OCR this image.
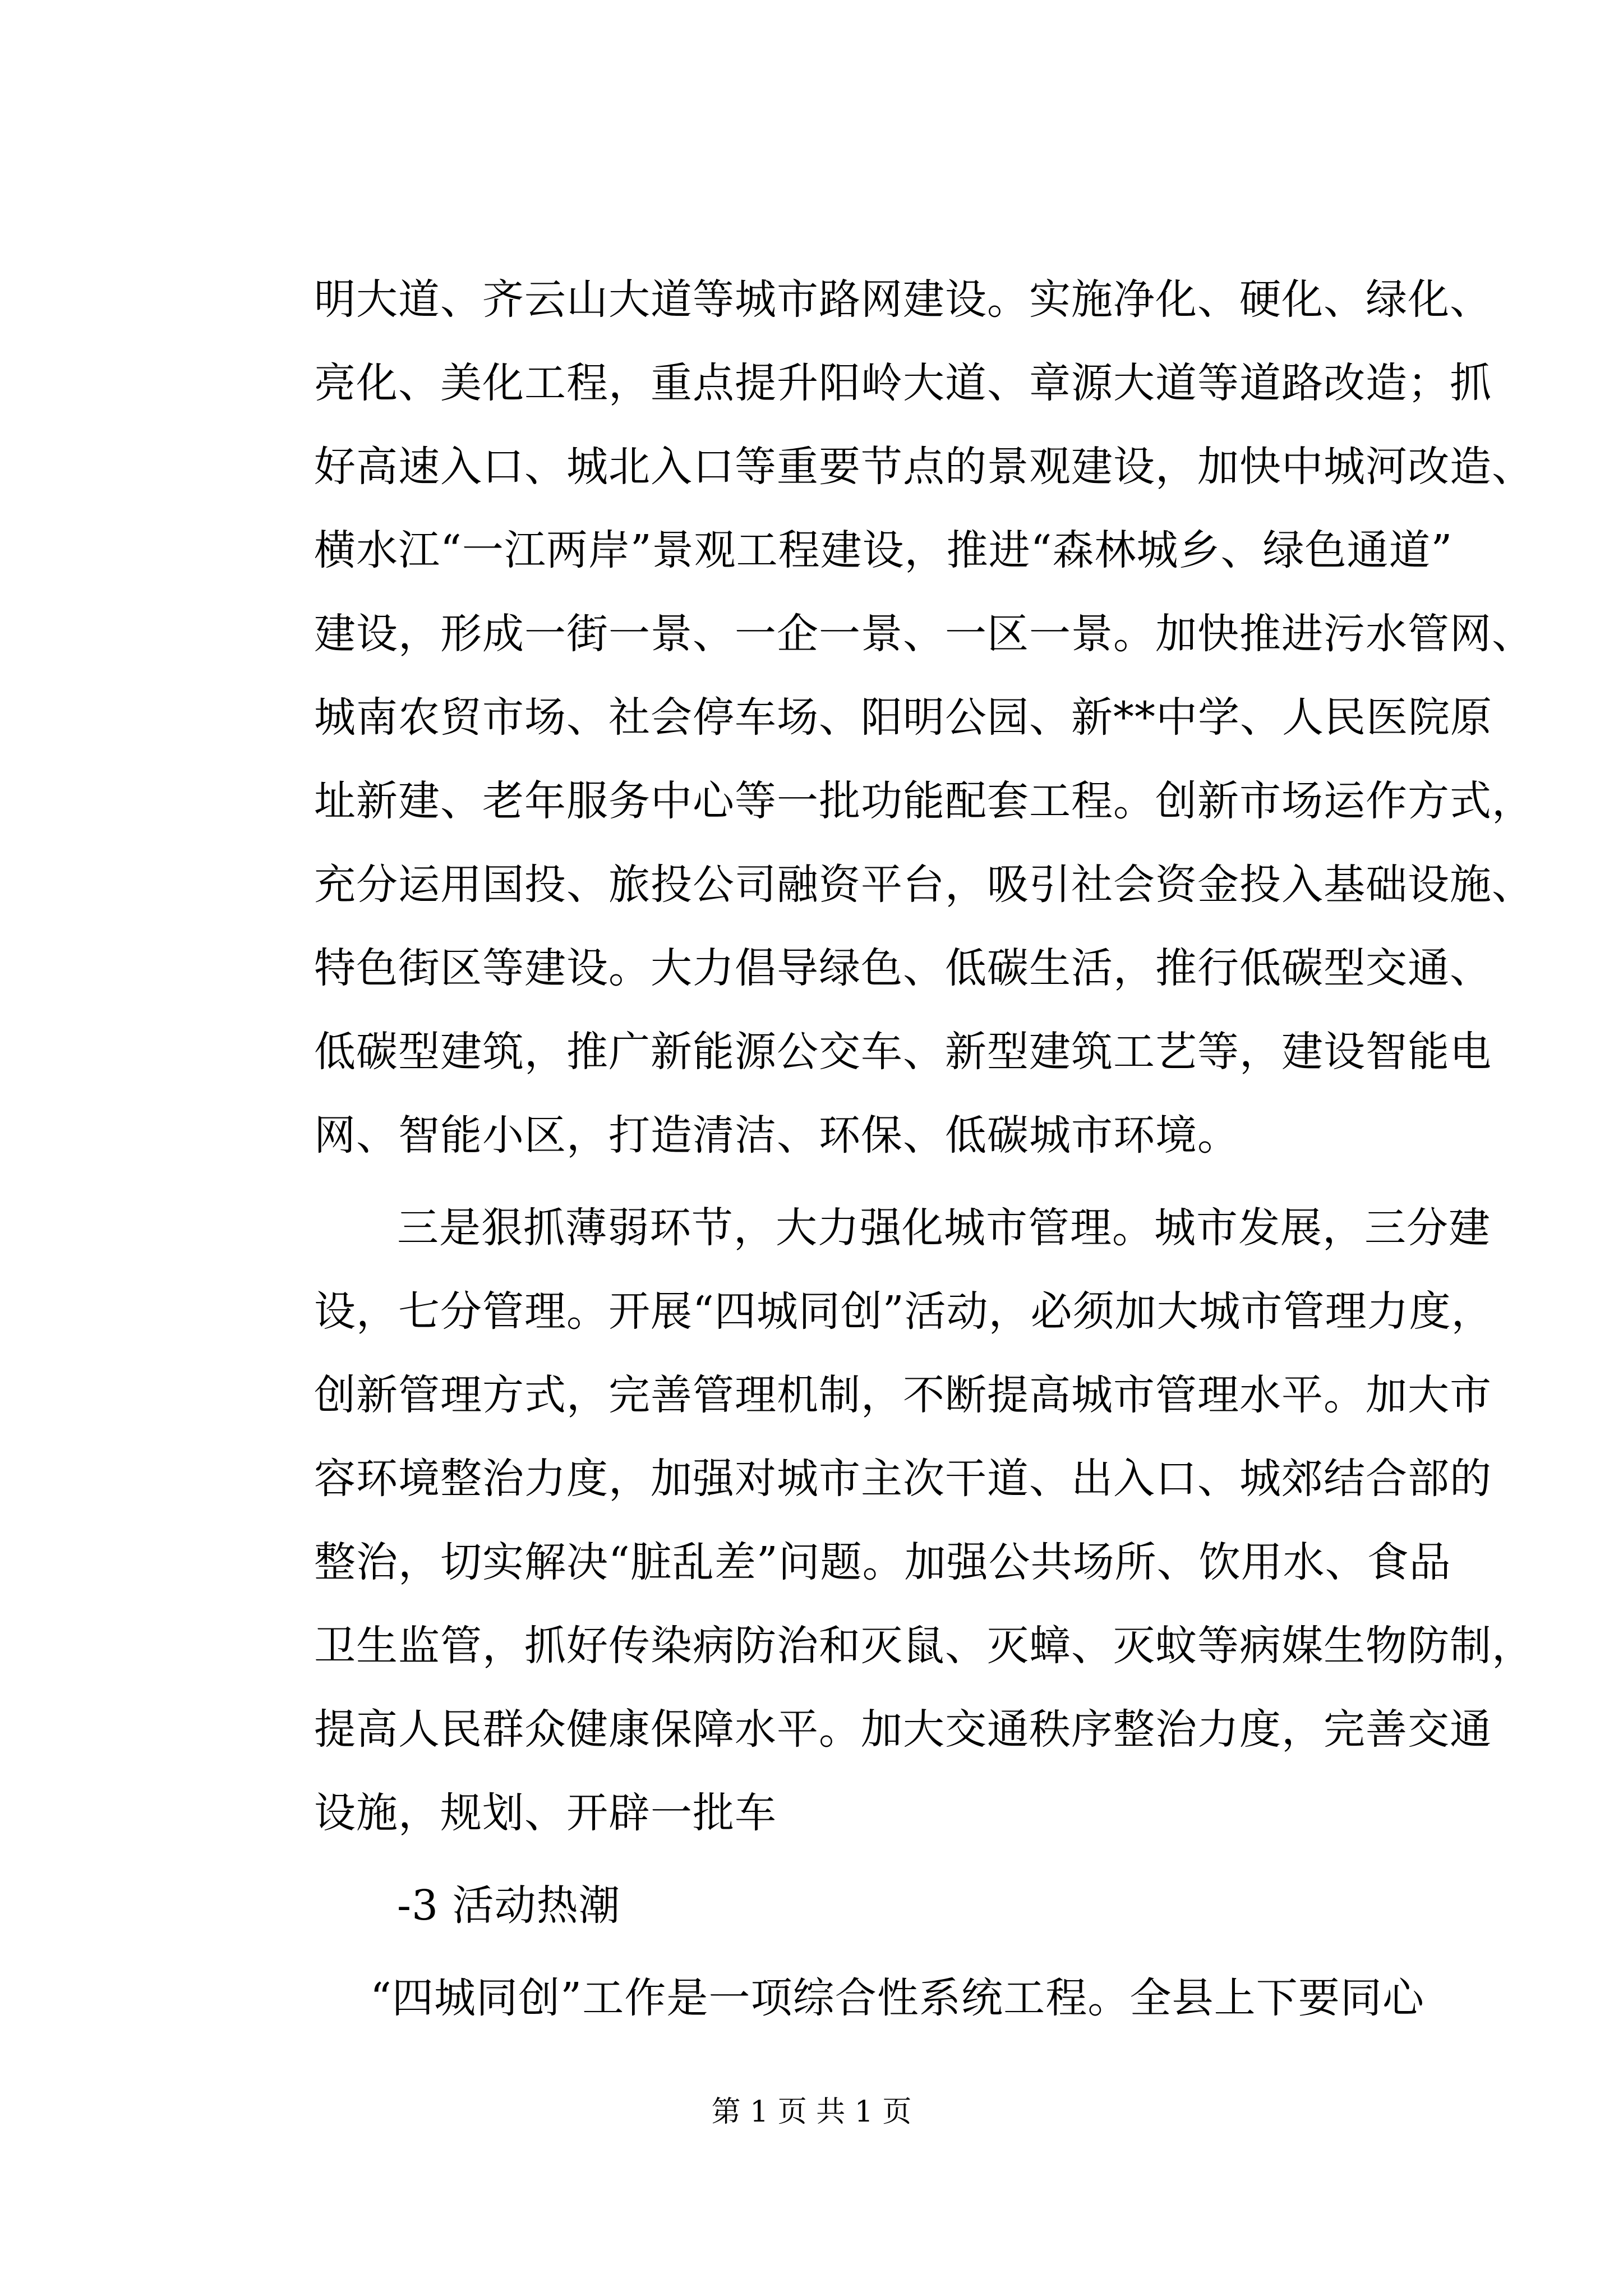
明大道、齐云山大道等城市路网建设。实施净化、硬化、绿化、
亮化、美化工程，重点提升阳岭大道、章源大道等道路改造；抓
好高速入口、城北入口等重要节点的景观建设，加快中城河改造、
横水江“一江两岸”景观工程建设，推进“森林城乡、绿色通道”
建设，形成一街一景、一企一景、一区一景。加快推进污水管网、
城南农贸市场、社会停车场、阳明公园、新**中学、人民医院原
址新建、老年服务中心等一批功能配套工程。创新市场运作方式，
充分运用国投、旅投公司融资平台，吸引社会资金投入基础设施、
特色街区等建设。大力倡导绿色、低碳生活，推行低碳型交通、
低碳型建筑，推广新能源公交车、新型建筑工艺等，建设智能电
网、智能小区，打造清洁、环保、低碳城市环境。
三是狠抓薄弱环节，大力强化城市管理。城市发展，三分建
设，七分管理。开展“四城同创”活动，必须加大城市管理力度，
创新管理方式，完善管理机制，不断提高城市管理水平。加大市
容环境整治力度，加强对城市主次干道、出入口、城郊结合部的
整治，切实解决“脏乱差”问题。加强公共场所、饮用水、食品
卫生监管，抓好传染病防治和灭鼠、灭蟑、灭蚊等病媒生物防制，
提高人民群众健康保障水平。加大交通秩序整治力度，完善交通
设施，规划、开辟一批车
-3 活动热潮
“四城同创”工作是一项综合性系统工程。全县上下要同心
第 1 页 共 1 页
